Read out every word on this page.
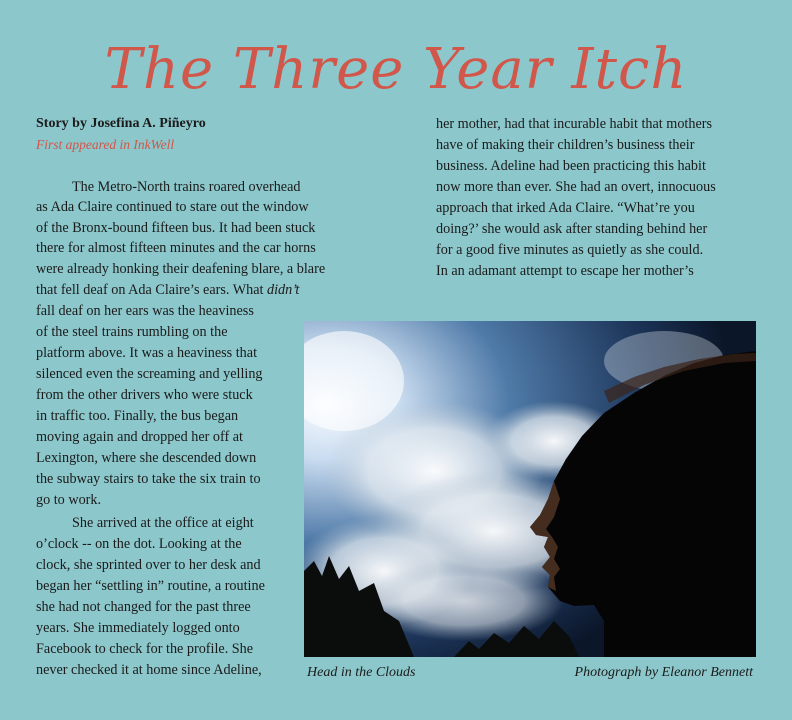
The Three Year Itch
Story by Josefina A. Piñeyro
First appeared in InkWell
The Metro-North trains roared overhead
as Ada Claire continued to stare out the window
of the Bronx-bound fifteen bus. It had been stuck
there for almost fifteen minutes and the car horns
were already honking their deafening blare, a blare
that fell deaf on Ada Claire’s ears. What didn’t
fall deaf on her ears was the heaviness
of the steel trains rumbling on the
platform above. It was a heaviness that
silenced even the screaming and yelling
from the other drivers who were stuck
in traffic too. Finally, the bus began
moving again and dropped her off at
Lexington, where she descended down
the subway stairs to take the six train to
go to work.
She arrived at the office at eight
o’clock -- on the dot. Looking at the
clock, she sprinted over to her desk and
began her “settling in” routine, a routine
she had not changed for the past three
years. She immediately logged onto
Facebook to check for the profile. She
never checked it at home since Adeline,
her mother, had that incurable habit that mothers
have of making their children’s business their
business. Adeline had been practicing this habit
now more than ever. She had an overt, innocuous
approach that irked Ada Claire. “What’re you
doing?’ she would ask after standing behind her
for a good five minutes as quietly as she could.
In an adamant attempt to escape her mother’s
Head in the Clouds	Photograph by Eleanor Bennett
